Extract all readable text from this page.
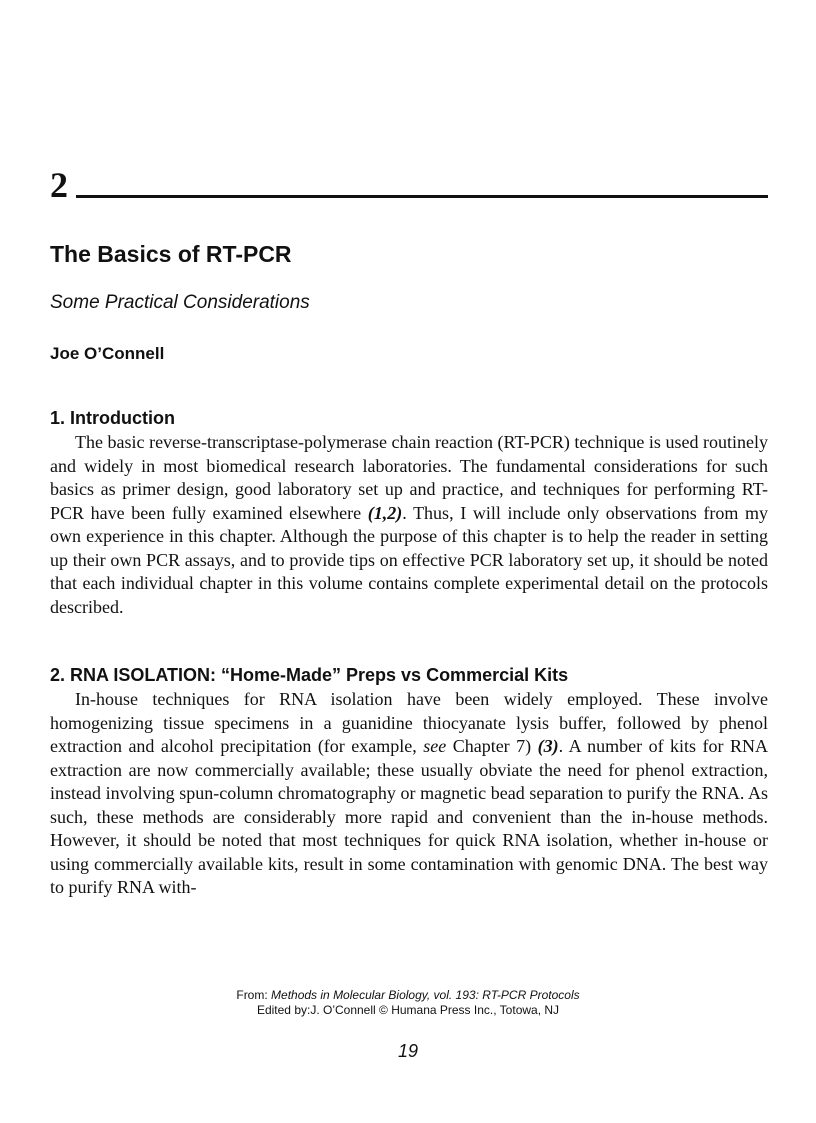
2
The Basics of RT-PCR
Some Practical Considerations
Joe O’Connell
1. Introduction

The basic reverse-transcriptase-polymerase chain reaction (RT-PCR) technique is used routinely and widely in most biomedical research laboratories. The fundamental considerations for such basics as primer design, good laboratory set up and practice, and techniques for performing RT-PCR have been fully examined elsewhere (1,2). Thus, I will include only observations from my own experience in this chapter. Although the purpose of this chapter is to help the reader in setting up their own PCR assays, and to provide tips on effective PCR laboratory set up, it should be noted that each individual chapter in this volume contains complete experimental detail on the protocols described.

2. RNA ISOLATION: “Home-Made” Preps vs Commercial Kits

In-house techniques for RNA isolation have been widely employed. These involve homogenizing tissue specimens in a guanidine thiocyanate lysis buffer, followed by phenol extraction and alcohol precipitation (for example, see Chapter 7) (3). A number of kits for RNA extraction are now commercially available; these usually obviate the need for phenol extraction, instead involving spun-column chromatography or magnetic bead separation to purify the RNA. As such, these methods are considerably more rapid and convenient than the in-house methods. However, it should be noted that most techniques for quick RNA isolation, whether in-house or using commercially available kits, result in some contamination with genomic DNA. The best way to purify RNA with-

From: Methods in Molecular Biology, vol. 193: RT-PCR Protocols
Edited by:J. O’Connell © Humana Press Inc., Totowa, NJ
19
